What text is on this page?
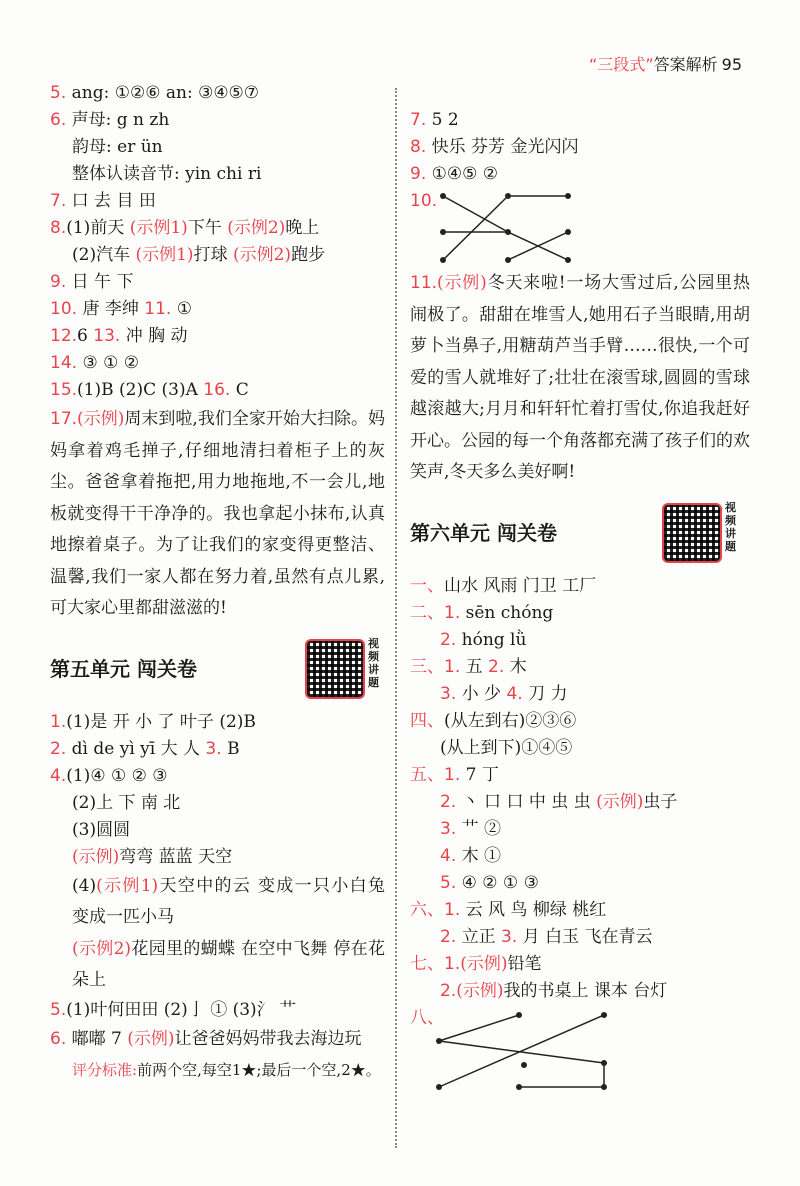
“三段式”答案解析 95
5. ang: ①②⑥ an: ③④⑤⑦
6. 声母: g n zh
韵母: er ün
整体认读音节: yin chi ri
7. 口 去 目 田
8.(1)前天 (示例1)下午 (示例2)晚上
(2)汽车 (示例1)打球 (示例2)跑步
9. 日 午 下
10. 唐 李绅 11. ①
12.6 13. 冲 胸 动
14. ③ ① ②
15.(1)B (2)C (3)A 16. C
17.(示例)周末到啦,我们全家开始大扫除。妈妈拿着鸡毛掸子,仔细地清扫着柜子上的灰尘。爸爸拿着拖把,用力地拖地,不一会儿,地板就变得干干净净的。我也拿起小抹布,认真地擦着桌子。为了让我们的家变得更整洁、温馨,我们一家人都在努力着,虽然有点儿累,可大家心里都甜滋滋的!
第五单元 闯关卷
视频讲题
1.(1)是 开 小 了 叶子 (2)B
2. dì de yì yī 大 人 3. B
4.(1)④ ① ② ③
(2)上 下 南 北
(3)圆圆
(示例)弯弯 蓝蓝 天空
(4)(示例1)天空中的云 变成一只小白兔 变成一匹小马
(示例2)花园里的蝴蝶 在空中飞舞 停在花朵上
5.(1)叶何田田 (2)亅 ① (3)氵 艹
6. 嘟嘟 7 (示例)让爸爸妈妈带我去海边玩
评分标准:前两个空,每空1★;最后一个空,2★。
7. 5 2
8. 快乐 芬芳 金光闪闪
9. ①④⑤ ②
10.
11.(示例)冬天来啦!一场大雪过后,公园里热闹极了。甜甜在堆雪人,她用石子当眼睛,用胡萝卜当鼻子,用糖葫芦当手臂……很快,一个可爱的雪人就堆好了;壮壮在滚雪球,圆圆的雪球越滚越大;月月和轩轩忙着打雪仗,你追我赶好开心。公园的每一个角落都充满了孩子们的欢笑声,冬天多么美好啊!
第六单元 闯关卷
视频讲题
一、山水 风雨 门卫 工厂
二、1. sēn chóng
2. hóng lǜ
三、1. 五 2. 木
3. 小 少 4. 刀 力
四、(从左到右)②③⑥
(从上到下)①④⑤
五、1. 7 丁
2. 丶 口 口 中 虫 虫 (示例)虫子
3. 艹 ②
4. 木 ①
5. ④ ② ① ③
六、1. 云 风 鸟 柳绿 桃红
2. 立正 3. 月 白玉 飞在青云
七、1.(示例)铅笔
2.(示例)我的书桌上 课本 台灯
八、
